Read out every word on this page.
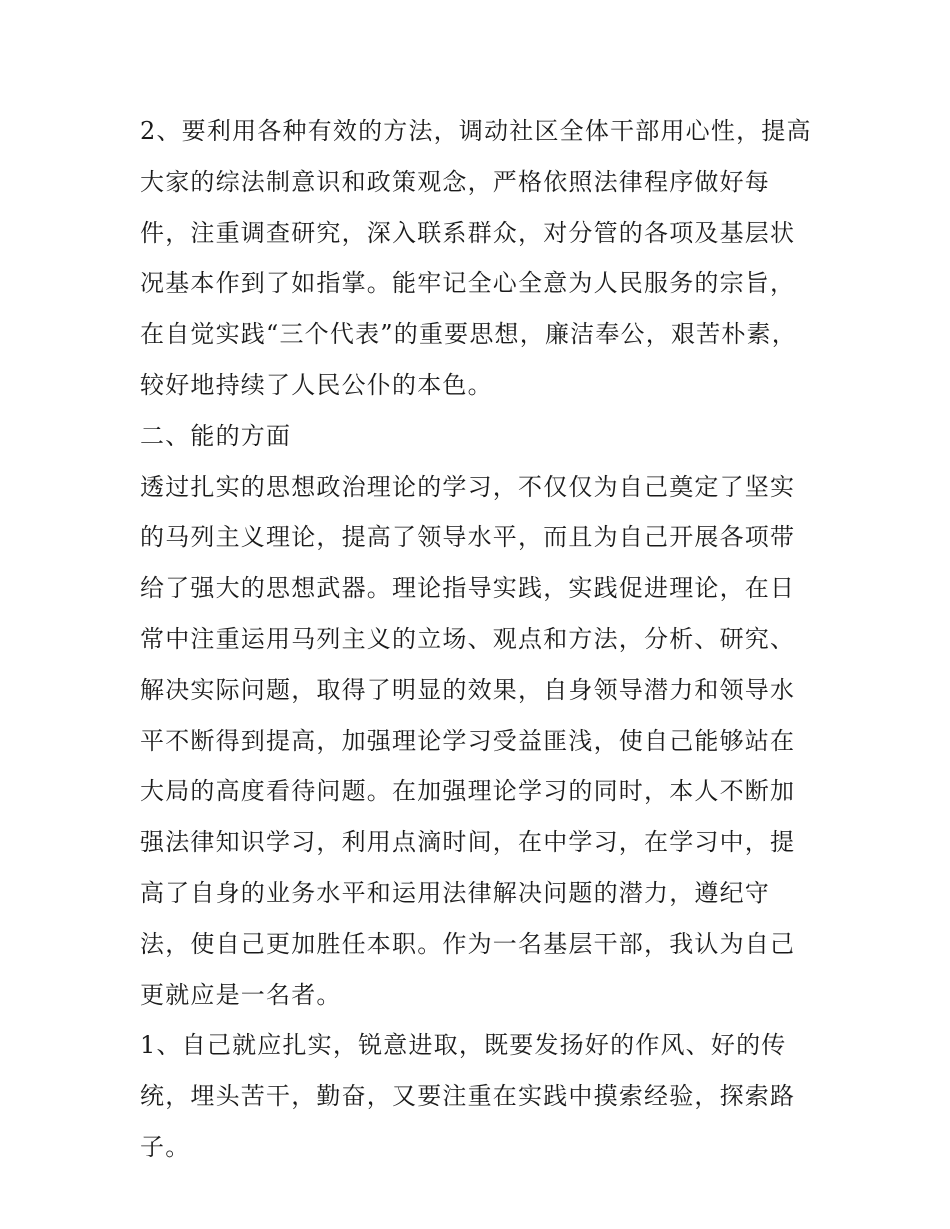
2、要利用各种有效的方法，调动社区全体干部用心性，提高大家的综法制意识和政策观念，严格依照法律程序做好每件，注重调查研究，深入联系群众，对分管的各项及基层状况基本作到了如指掌。能牢记全心全意为人民服务的宗旨，在自觉实践“三个代表”的重要思想，廉洁奉公，艰苦朴素，较好地持续了人民公仆的本色。

二、能的方面

透过扎实的思想政治理论的学习，不仅仅为自己奠定了坚实的马列主义理论，提高了领导水平，而且为自己开展各项带给了强大的思想武器。理论指导实践，实践促进理论，在日常中注重运用马列主义的立场、观点和方法，分析、研究、解决实际问题，取得了明显的效果，自身领导潜力和领导水平不断得到提高，加强理论学习受益匪浅，使自己能够站在大局的高度看待问题。在加强理论学习的同时，本人不断加强法律知识学习，利用点滴时间，在中学习，在学习中，提高了自身的业务水平和运用法律解决问题的潜力，遵纪守法，使自己更加胜任本职。作为一名基层干部，我认为自己更就应是一名者。

1、自己就应扎实，锐意进取，既要发扬好的作风、好的传统，埋头苦干，勤奋，又要注重在实践中摸索经验，探索路子。
